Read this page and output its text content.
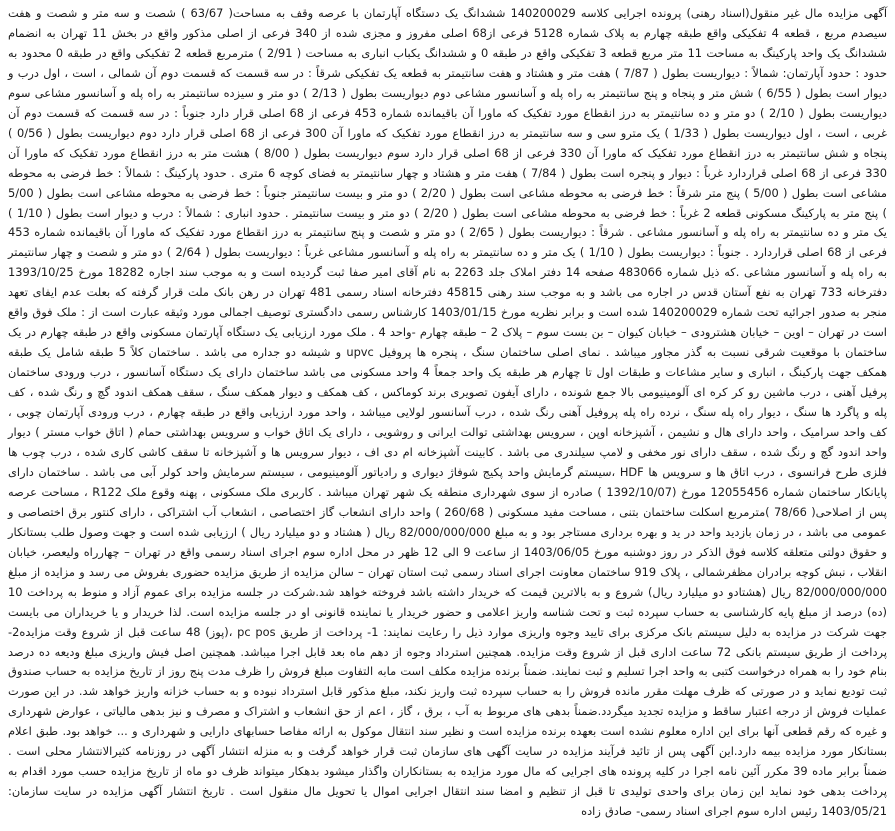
آگهی مزایده مال غیر منقول(اسناد رهنی) پرونده اجرایی کلاسه 140200029 ششدانگ یک دستگاه آپارتمان با عرصه وقف به مساحت( 63/67 ) شصت و سه متر و شصت و هفت سیصدم مربع ، قطعه 4 تفکیکی واقع طبقه چهارم به پلاک شماره 5128 فرعی از68 اصلی مفروز و مجزی شده از 340 فرعی از اصلی مذکور واقع در بخش 11 تهران به انضمام ششدانگ یک واحد پارکینگ به مساحت 11 متر مربع قطعه 3 تفکیکی واقع در طبقه 0 و ششدانگ یکباب انباری به مساحت ( 2/91 ) مترمربع قطعه 2 تفکیکی واقع در طبقه 0 محدود به حدود : حدود آپارتمان: شمالاً : دیواریست بطول ( 7/87 ) هفت متر و هشتاد و هفت سانتیمتر به قطعه یک تفکیکی شرقاً : در سه قسمت که قسمت دوم آن شمالی ، است ، اول درب و دیوار است بطول ( 6/55 ) شش متر و پنجاه و پنج سانتیمتر به راه پله و آسانسور مشاعی دوم دیواریست بطول ( 2/13 ) دو متر و سیزده سانتیمتر به راه پله و آسانسور مشاعی سوم دیواریست بطول ( 2/10 ) دو متر و ده سانتیمتر به درز انقطاع مورد تفکیک که ماورا آن باقیمانده شماره 453 فرعی از 68 اصلی قرار دارد جنوباً : در سه قسمت که قسمت دوم آن غربی ، است ، اول دیواریست بطول ( 1/33 ) یک مترو سی و سه سانتیمتر به درز انقطاع مورد تفکیک که ماورا آن 300 فرعی از 68 اصلی قرار دارد دوم دیواریست بطول ( 0/56 ) پنجاه و شش سانتیمتر به درز انقطاع مورد تفکیک که ماورا آن 330 فرعی از 68 اصلی قرار دارد سوم دیواریست بطول ( 8/00 ) هشت متر به درز انقطاع مورد تفکیک که ماورا آن 330 فرعی از 68 اصلی قراردارد غرباً : دیوار و پنجره است بطول ( 7/84 ) هفت متر و هشتاد و چهار سانتیمتر به فضای کوچه 6 متری . حدود پارکینگ : شمالاً : خط فرضی به محوطه مشاعی است بطول ( 5/00 ) پنج متر شرقاً : خط فرضی به محوطه مشاعی است بطول ( 2/20 ) دو متر و بیست سانتیمتر جنوباً : خط فرضی به محوطه مشاعی است بطول ( 5/00 ) پنج متر به پارکینگ مسکونی قطعه 2 غرباً : خط فرضی به محوطه مشاعی است بطول ( 2/20 ) دو متر و بیست سانتیمتر . حدود انباری : شمالاً : درب و دیوار است بطول ( 1/10 ) یک متر و ده سانتیمتر به راه پله و آسانسور مشاعی . شرقاً : دیواریست بطول ( 2/65 ) دو متر و شصت و پنج سانتیمتر به درز انقطاع مورد تفکیک که ماورا آن باقیمانده شماره 453 فرعی از 68 اصلی قراردارد . جنوباً : دیواریست بطول ( 1/10 ) یک متر و ده سانتیمتر به راه پله و آسانسور مشاعی غرباً : دیواریست بطول ( 2/64 ) دو متر و شصت و چهار سانتیمتر به راه پله و آسانسور مشاعی .که ذیل شماره 483066 صفحه 14 دفتر املاک جلد 2263 به نام آقای امیر صفا ثبت گردیده است و به موجب سند اجاره 18282 مورخ 1393/10/25 دفترخانه 733 تهران به نفع آستان قدس در اجاره می باشد و به موجب سند رهنی 45815 دفترخانه اسناد رسمی 481 تهران در رهن بانک ملت قرار گرفته که بعلت عدم ایفای تعهد منجر به صدور اجرائیه تحت شماره 140200029 شده است و برابر نظریه مورخ 1403/01/15 کارشناس رسمی دادگستری توصیف اجمالی مورد وثیقه عبارت است از : ملک فوق واقع است در تهران – اوین – خیابان هشترودی – خیابان کیوان – بن بست سوم – پلاک 2 – طبقه چهارم -واحد 4 . ملک مورد ارزیابی یک دستگاه آپارتمان مسکونی واقع در طبقه چهارم در یک ساختمان با موقعیت شرقی نسبت به گذر مجاور میباشد . نمای اصلی ساختمان سنگ ، پنجره ها پروفیل upvc و شیشه دو جداره می باشد . ساختمان کلاً 5 طبقه شامل یک طبقه همکف جهت پارکینگ ، انباری و سایر مشاعات و طبقات اول تا چهارم هر طبقه یک واحد جمعاً 4 واحد مسکونی می باشد ساختمان دارای یک دستگاه آسانسور ، درب ورودی ساختمان پرفیل آهنی ، درب ماشین رو کر کره ای آلومینیومی بالا جمع شونده ، دارای آیفون تصویری برند کوماکس ، کف همکف و دیوار همکف سنگ ، سقف همکف اندود گچ و رنگ شده ، کف پله و پاگرد ها سنگ ، دیوار راه پله سنگ ، نرده راه پله پروفیل آهنی رنگ شده ، درب آسانسور لولایی میباشد ، واحد مورد ارزیابی واقع در طبقه چهارم ، درب ورودی آپارتمان چوبی ، کف واحد سرامیک ، واحد دارای هال و نشیمن ، آشپزخانه اوپن ، سرویس بهداشتی توالت ایرانی و روشویی ، دارای یک اتاق خواب و سرویس بهداشتی حمام ( اتاق خواب مستر ) دیوار واحد اندود گچ و رنگ شده ، سقف دارای نور مخفی و لامپ سیلندری می باشد . کابینت آشپزخانه ام دی اف ، دیوار سرویس ها و آشپزخانه تا سقف کاشی کاری شده ، درب چوب ها فلزی طرح فرانسوی ، درب اتاق ها و سرویس ها HDF ،سیستم گرمایش واحد پکیج شوفاژ دیواری و رادیاتور آلومینیومی ، سیستم سرمایش واحد کولر آبی می باشد . ساختمان دارای پایانکار ساختمان شماره 12055456 مورخ (1392/10/07 ) صادره از سوی شهرداری منطقه یک شهر تهران میباشد . کاربری ملک مسکونی ، پهنه وقوع ملک R122 ، مساحت عرصه پس از اصلاحی( 78/66 )مترمربع اسکلت ساختمان بتنی ، مساحت مفید مسکونی ( 260/68 ) واحد دارای انشعاب گاز اختصاصی ، انشعاب آب اشتراکی ، دارای کنتور برق اختصاصی و عمومی می باشد ، در زمان بازدید واحد در ید و بهره برداری مستاجر بود و به مبلغ 82/000/000/000 ریال ( هشتاد و دو میلیارد ریال ) ارزیابی شده است و جهت وصول طلب بستانکار و حقوق دولتی متعلقه کلاسه فوق الذکر در روز دوشنبه مورخ 1403/06/05 از ساعت 9 الی 12 ظهر در محل اداره سوم اجرای اسناد رسمی واقع در تهران – چهارراه ولیعصر، خیابان انقلاب ، نبش کوچه برادران مظفرشمالی ، پلاک 919 ساختمان معاونت اجرای اسناد رسمی ثبت استان تهران – سالن مزایده از طریق مزایده حضوری بفروش می رسد و مزایده از مبلغ 82/000/000/000 ریال (هشتادو دو میلیارد ریال) شروع و به بالاترین قیمت که خریدار داشته باشد فروخته خواهد شد.شرکت در جلسه مزایده برای عموم آزاد و منوط به پرداخت 10 (ده) درصد از مبلغ پایه کارشناسی به حساب سپرده ثبت و تحت شناسه واریز اعلامی و حضور خریدار یا نماینده قانونی او در جلسه مزایده است. لذا خریدار و یا خریداران می بایست جهت شرکت در مزایده به دلیل سیستم بانک مرکزی برای تایید وجوه واریزی موارد ذیل را رعایت نمایند: 1- پرداخت از طریق pc pos ،(پوز) 48 ساعت قبل از شروع وقت مزایده2- پرداخت از طریق سیستم بانکی 72 ساعت اداری قبل از شروع وقت مزایده. همچنین استرداد وجوه از دهم ماه بعد قابل اجرا میباشد. همچنین اصل فیش واریزی مبلغ ودیعه ده درصد بنام خود را به همراه درخواست کتبی به واحد اجرا تسلیم و ثبت نمایند. ضمناً برنده مزایده مکلف است مابه التفاوت مبلغ فروش را ظرف مدت پنج روز از تاریخ مزایده به حساب صندوق ثبت تودیع نماید و در صورتی که ظرف مهلت مقرر مانده فروش را به حساب سپرده ثبت واریز نکند، مبلغ مذکور قابل استرداد نبوده و به حساب خزانه واریز خواهد شد. در این صورت عملیات فروش از درجه اعتبار ساقط و مزایده تجدید میگردد.ضمناً بدهی های مربوط به آب ، برق ، گاز ، اعم از حق انشعاب و اشتراک و مصرف و نیز بدهی مالیاتی ، عوارض شهرداری و غیره که رقم قطعی آنها برای این اداره معلوم نشده است بعهده برنده مزایده است و نظیر سند انتقال موکول به ارائه مفاصا حسابهای دارایی و شهرداری و ... خواهد بود. طبق اعلام بستانکار مورد مزایده بیمه دارد.این آگهی پس از تائید فرآیند مزایده در سایت آگهی های سازمان ثبت قرار خواهد گرفت و به منزله انتشار آگهی در روزنامه کثیرالانتشار محلی است . ضمناً برابر ماده 39 مکرر آئین نامه اجرا در کلیه پرونده های اجرایی که مال مورد مزایده به بستانکاران واگذار میشود بدهکار میتواند ظرف دو ماه از تاریخ مزایده حسب مورد اقدام به پرداخت بدهی خود نماید این زمان برای واحدی تولیدی تا قبل از تنظیم و امضا سند انتقال اجرایی اموال یا تحویل مال منقول است . تاریخ انتشار آگهی مزایده در سایت سازمان: 1403/05/21 رئیس اداره سوم اجرای اسناد رسمی- صادق زاده
